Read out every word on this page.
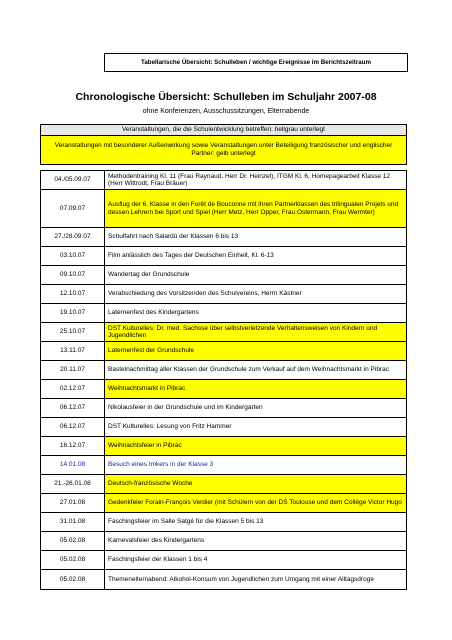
Tabellarische Übersicht: Schulleben / wichtige Ereignisse im Berichtszeitraum
Chronologische Übersicht: Schulleben im Schuljahr 2007-08
ohne Konferenzen, Ausschussitzungen, Elternabende
Veranstaltungen, die die Schulentwicklung betreffen: hellgrau unterlegt
Veranstaltungen mit besonderer Außenwirkung sowie Veranstaltungen unter Beteiligung französischer und englischer Partner: gelb unterlegt
04./05.09.07	Methodentraining Kl. 11 (Frau Raynaud, Herr Dr. Heinzel), ITGM Kl. 6, Homepagearbeit Klasse 12 (Herr Wittrodt, Frau Bräuer)
07.09.07	Ausflug der 6. Klasse in den Forêt de Bouconne mit ihren Partnerklassen des trilingualen Projets und dessen Lehrern bei Sport und Spiel (Herr Metz, Herr Opper, Frau Ostermann, Frau Wermter)
27./28.09.07	Schulfahrt nach Salardú der Klassen 6 bis 13
03.10.07	Film anlässlich des Tages der Deutschen Einheit, Kl. 6-13
09.10.07	Wandertag der Grundschule
12.10.07	Verabschiedung des Vorsitzenden des Schulvereins, Herrn Kästner
19.10.07	Laternenfest des Kindergartens
25.10.07	DST Kulturelles: Dr. med. Sachsse über selbstverletzende Verhaltensweisen von Kindern und Jugendlichen
13.11.07	Laternenfest der Grundschule
20.11.07	Bastelnachmittag aller Klassen der Grundschule zum Verkauf auf dem Weihnachtsmarkt in Pibrac
02.12.07	Weihnachtsmarkt in Pibrac
06.12.07	Nikolausfeier in der Grundschule und im Kindergarten
06.12.07	DST Kulturelles: Lesung von Fritz Hammer
16.12.07	Weihnachtsfeier in Pibrac
14.01.08	Besuch eines Imkers in der Klasse 3
21.-26.01.08	Deutsch-französische Woche
27.01.08	Gedenkfeier Forain-François Verdier (mit Schülern von der DS Toulouse und dem Collège Victor Hugo
31.01.08	Faschingsfeier im Salle Satgé für die Klassen 5 bis 13
05.02.08	Karnevalsfeier des Kindergartens
05.02.08	Faschingsfeier der Klassen 1 bis 4
05.02.08	Themenelternabend: Alkohol-Konsum von Jugendlichen zum Umgang mit einer Alltagsdroge
